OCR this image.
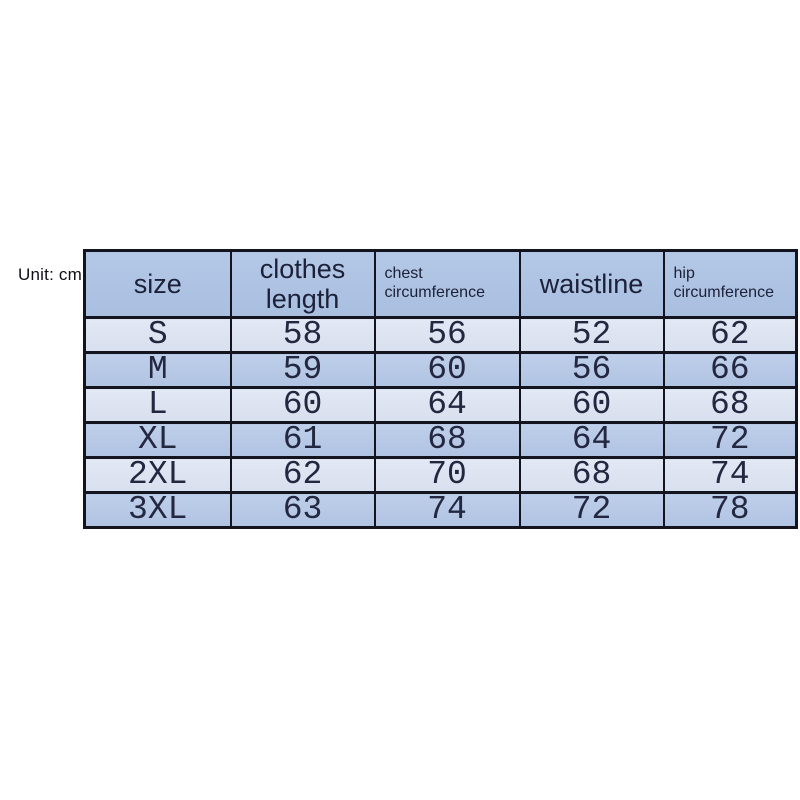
Unit: cm size	clothes length	chest circumference	waistline	hip circumference
S	58	56	52	62
M	59	60	56	66
L	60	64	60	68
XL	61	68	64	72
2XL	62	70	68	74
3XL	63	74	72	78
